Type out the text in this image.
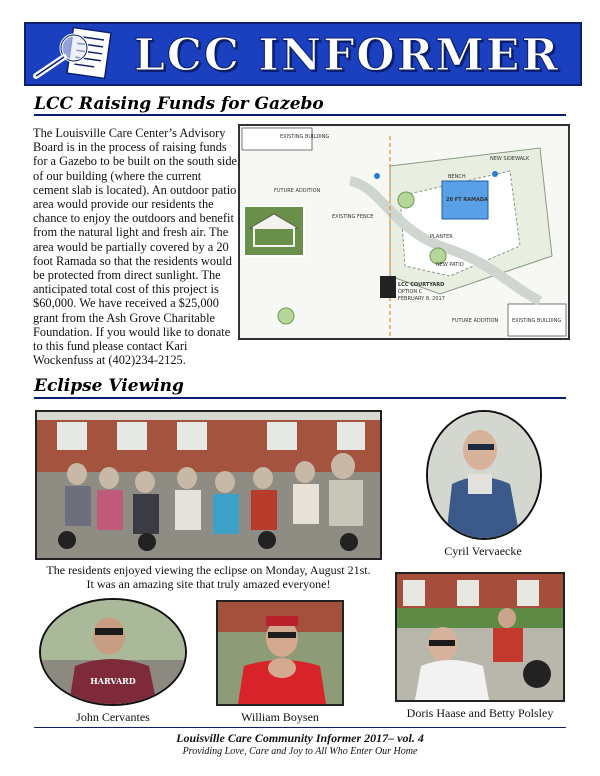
LCC INFORMER
LCC Raising Funds for Gazebo
The Louisville Care Center’s Advisory Board is in the process of raising funds for a Gazebo to be built on the south side of our building (where the current cement slab is located). An outdoor patio area would provide our residents the chance to enjoy the outdoors and benefit from the natural light and fresh air. The area would be partially covered by a 20 foot Ramada so that the residents would be protected from direct sunlight. The anticipated total cost of this project is $60,000. We have received a $25,000 grant from the Ash Grove Charitable Foundation. If you would like to donate to this fund please contact Kari Wockenfuss at (402)234-2125.
EXISTING BUILDING
FUTURE ADDITION
EXISTING FENCE
20 FT RAMADA
BENCH
PLANTER
NEW PATIO
NEW SIDEWALK
LCC COURTYARD
OPTION C
FEBRUARY 8, 2017
FUTURE ADDITION	EXISTING BUILDING
Eclipse Viewing
The residents enjoyed viewing the eclipse on Monday, August 21st.
It was an amazing site that truly amazed everyone!
Cyril Vervaecke
HARVARD
John Cervantes	William Boysen	Doris Haase and Betty Polsley
Louisville Care Community Informer 2017– vol. 4
Providing Love, Care and Joy to All Who Enter Our Home
